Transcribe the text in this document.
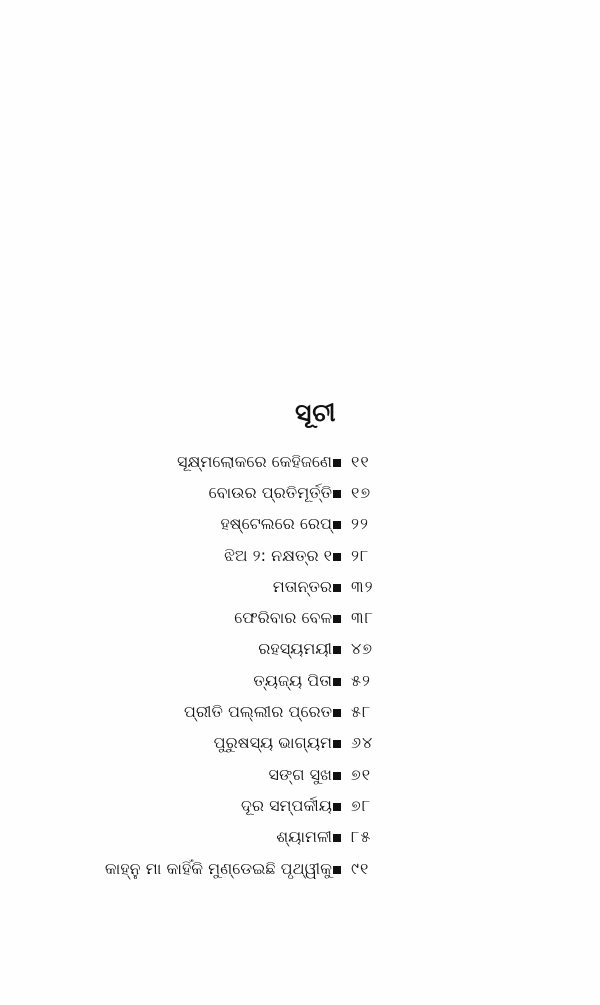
ସୂଚୀ
ସୂକ୍ଷ୍ମଲୋକରେ କେହିଜଣେ ୧୧
ବୋଉର ପ୍ରତିମୂର୍ତ୍ତି ୧୭
ହଷ୍ଟେଲରେ ରେପ୍ ୨୨
ଝିଅ ୨: ନକ୍ଷତ୍ର ୧ ୨୮
ମତାନ୍ତର ୩୨
ଫେରିବାର ବେଳ ୩୮
ରହସ୍ୟମୟୀ ୪୭
ତ୍ୟଜ୍ୟ ପିତା ୫୨
ପ୍ରୀତି ପଲ୍ଲୀର ପ୍ରେତ ୫୮
ପୁରୁଷସ୍ୟ ଭାଗ୍ୟମ ୬୪
ସଙ୍ଗ ସୁଖ ୭୧
ଦୂର ସମ୍ପର୍କୀୟ ୭୮
ଶ୍ୟାମଳୀ ୮୫
କାହ୍ନୁ ମା କାହିଁକି ମୁଣ୍ଡେଇଛି ପୃଥ୍ୱୀକୁ ୯୧
